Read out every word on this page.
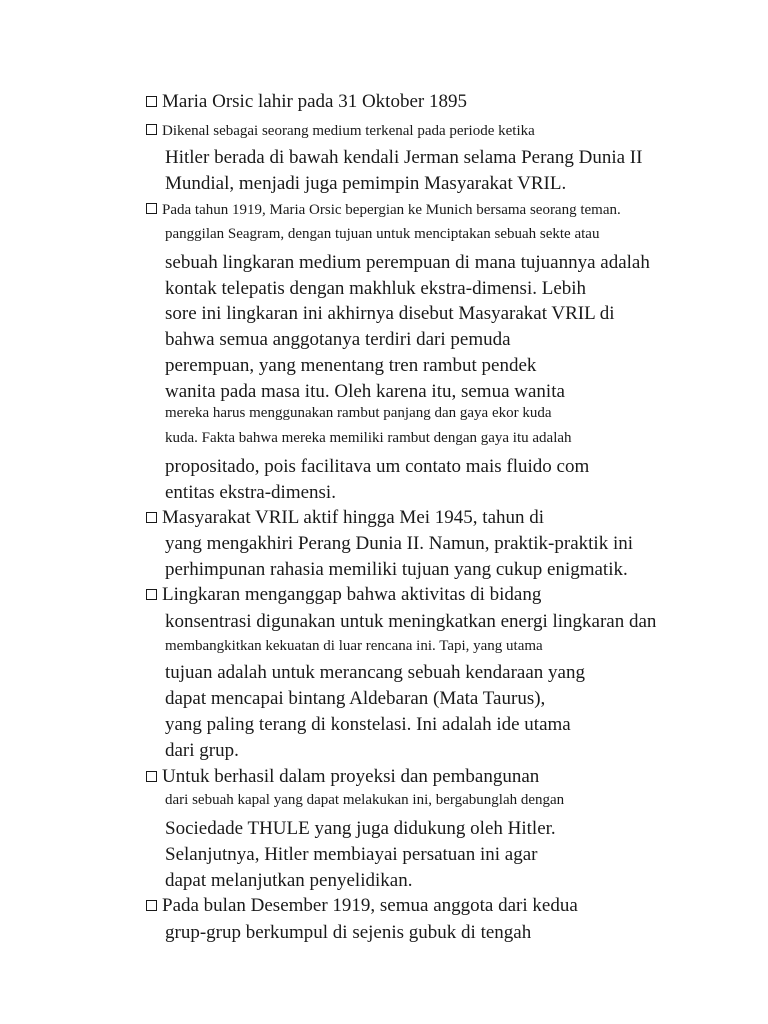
Maria Orsic lahir pada 31 Oktober 1895
Dikenal sebagai seorang medium terkenal pada periode ketika
Hitler berada di bawah kendali Jerman selama Perang Dunia II
Mundial, menjadi juga pemimpin Masyarakat VRIL.
Pada tahun 1919, Maria Orsic bepergian ke Munich bersama seorang teman.
panggilan Seagram, dengan tujuan untuk menciptakan sebuah sekte atau
sebuah lingkaran medium perempuan di mana tujuannya adalah
kontak telepatis dengan makhluk ekstra-dimensi. Lebih
sore ini lingkaran ini akhirnya disebut Masyarakat VRIL di
bahwa semua anggotanya terdiri dari pemuda
perempuan, yang menentang tren rambut pendek
wanita pada masa itu. Oleh karena itu, semua wanita
mereka harus menggunakan rambut panjang dan gaya ekor kuda
kuda. Fakta bahwa mereka memiliki rambut dengan gaya itu adalah
propositado, pois facilitava um contato mais fluido com
entitas ekstra-dimensi.
Masyarakat VRIL aktif hingga Mei 1945, tahun di
yang mengakhiri Perang Dunia II. Namun, praktik-praktik ini
perhimpunan rahasia memiliki tujuan yang cukup enigmatik.
Lingkaran menganggap bahwa aktivitas di bidang
konsentrasi digunakan untuk meningkatkan energi lingkaran dan
membangkitkan kekuatan di luar rencana ini. Tapi, yang utama
tujuan adalah untuk merancang sebuah kendaraan yang
dapat mencapai bintang Aldebaran (Mata Taurus),
yang paling terang di konstelasi. Ini adalah ide utama
dari grup.
Untuk berhasil dalam proyeksi dan pembangunan
dari sebuah kapal yang dapat melakukan ini, bergabunglah dengan
Sociedade THULE yang juga didukung oleh Hitler.
Selanjutnya, Hitler membiayai persatuan ini agar
dapat melanjutkan penyelidikan.
Pada bulan Desember 1919, semua anggota dari kedua
grup-grup berkumpul di sejenis gubuk di tengah
